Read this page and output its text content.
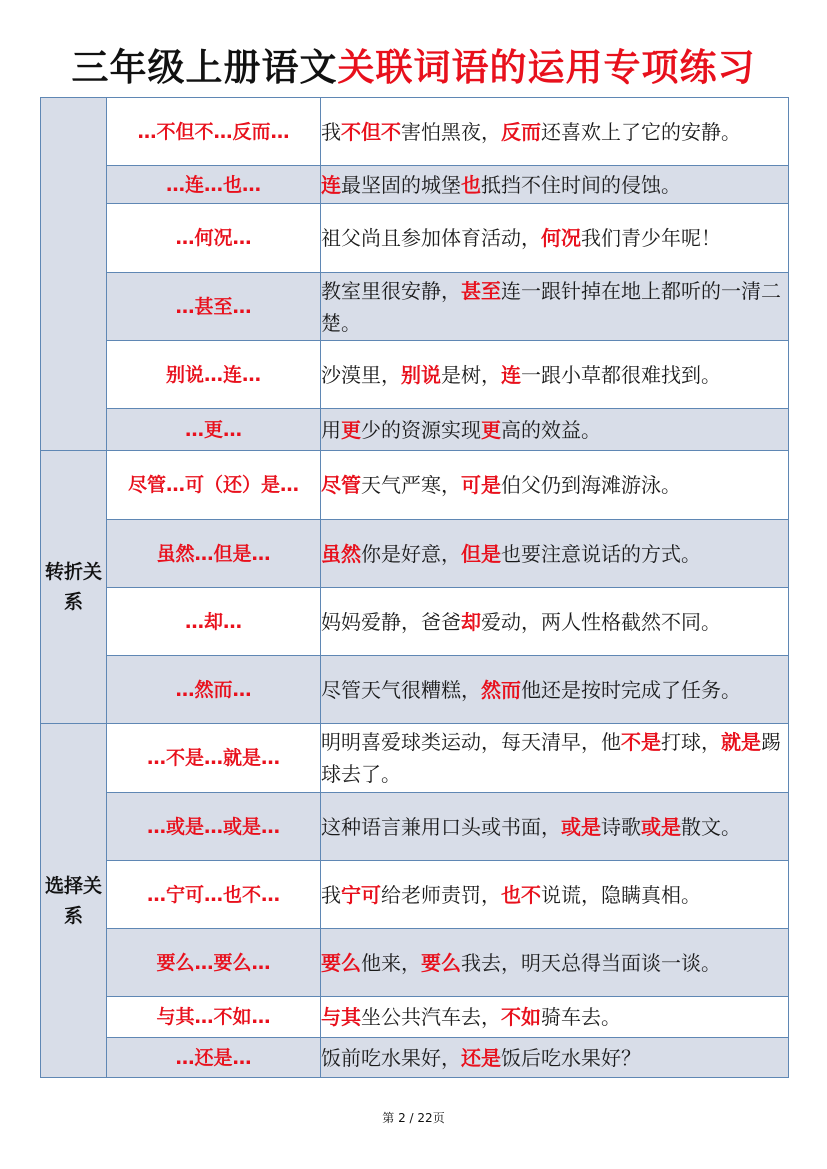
三年级上册语文关联词语的运用专项练习
	…不但不…反而…	我不但不害怕黑夜，反而还喜欢上了它的安静。
	…连…也…	连最坚固的城堡也抵挡不住时间的侵蚀。
	…何况…	祖父尚且参加体育活动，何况我们青少年呢！
	…甚至…	教室里很安静，甚至连一跟针掉在地上都听的一清二楚。
	别说…连…	沙漠里，别说是树，连一跟小草都很难找到。
	…更…	用更少的资源实现更高的效益。
转折关系	尽管…可（还）是…	尽管天气严寒，可是伯父仍到海滩游泳。
	虽然…但是…	虽然你是好意，但是也要注意说话的方式。
	…却…	妈妈爱静，爸爸却爱动，两人性格截然不同。
	…然而…	尽管天气很糟糕，然而他还是按时完成了任务。
选择关系	…不是…就是…	明明喜爱球类运动，每天清早，他不是打球，就是踢球去了。
	…或是…或是…	这种语言兼用口头或书面，或是诗歌或是散文。
	…宁可…也不…	我宁可给老师责罚，也不说谎，隐瞒真相。
	要么…要么…	要么他来，要么我去，明天总得当面谈一谈。
	与其…不如…	与其坐公共汽车去，不如骑车去。
	…还是…	饭前吃水果好，还是饭后吃水果好？
第 2 / 22页
